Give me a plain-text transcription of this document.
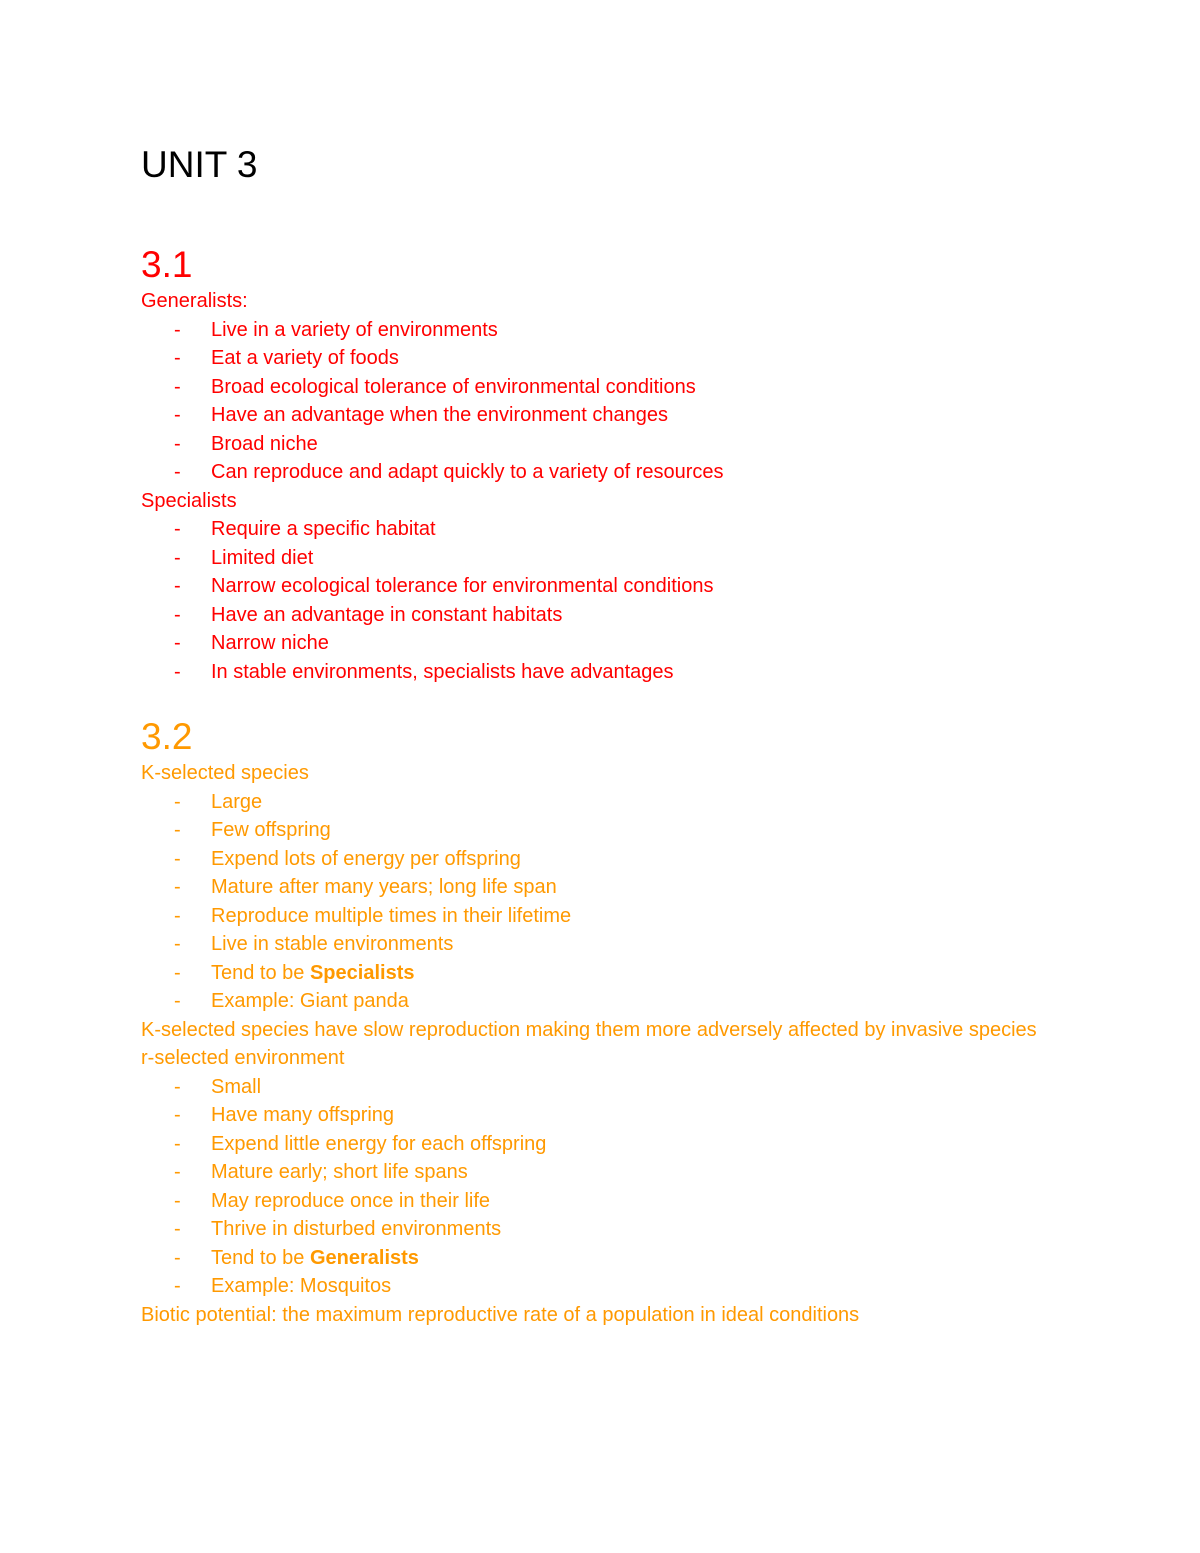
UNIT 3
3.1

Generalists:

- Live in a variety of environments
- Eat a variety of foods
- Broad ecological tolerance of environmental conditions
- Have an advantage when the environment changes
- Broad niche
- Can reproduce and adapt quickly to a variety of resources

Specialists

- Require a specific habitat
- Limited diet
- Narrow ecological tolerance for environmental conditions
- Have an advantage in constant habitats
- Narrow niche
- In stable environments, specialists have advantages
3.2

K-selected species

- Large
- Few offspring
- Expend lots of energy per offspring
- Mature after many years; long life span
- Reproduce multiple times in their lifetime
- Live in stable environments
- Tend to be Specialists
- Example: Giant panda

K-selected species have slow reproduction making them more adversely affected by invasive species

r-selected environment

- Small
- Have many offspring
- Expend little energy for each offspring
- Mature early; short life spans
- May reproduce once in their life
- Thrive in disturbed environments
- Tend to be Generalists
- Example: Mosquitos

Biotic potential: the maximum reproductive rate of a population in ideal conditions
